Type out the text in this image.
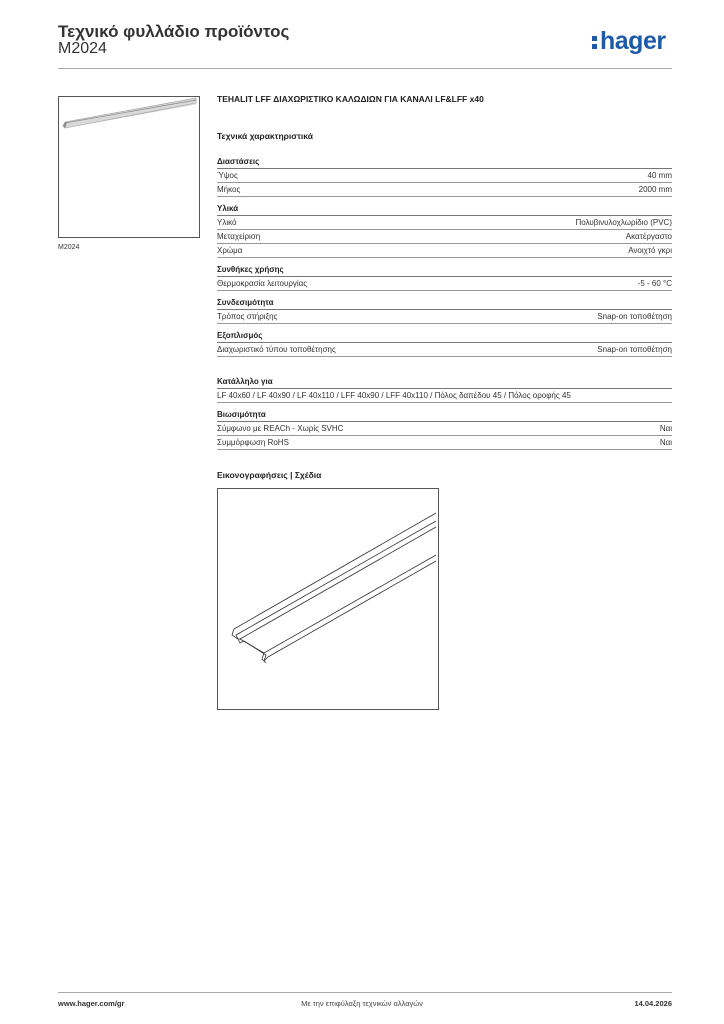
Τεχνικό φυλλάδιο προϊόντος
M2024	hager
M2024
TEHALIT LFF ΔΙΑΧΩΡΙΣΤΙΚΟ ΚΑΛΩΔΙΩΝ ΓΙΑ ΚΑΝΑΛΙ LF&LFF x40
Τεχνικά χαρακτηριστικά
Διαστάσεις
Ύψος	40 mm
Μήκος	2000 mm
Υλικά
Υλικό	Πολυβινυλοχλωρίδιο (PVC)
Μεταχείριση	Ακατέργαστο
Χρώμα	Ανοιχτό γκρι
Συνθήκες χρήσης
Θερμοκρασία λειτουργίας	-5 - 60 °C
Συνδεσιμότητα
Τρόπος στήριξης	Snap-on τοποθέτηση
Εξοπλισμός
Διαχωριστικό τύπου τοποθέτησης	Snap-on τοποθέτηση
Κατάλληλο για
LF 40x60 / LF 40x90 / LF 40x110 / LFF 40x90 / LFF 40x110 / Πόλος δαπέδου 45 / Πόλος οροφής 45
Βιωσιμότητα
Σύμφωνο με REACh - Χωρίς SVHC	Ναι
Συμμόρφωση RoHS	Ναι
Εικονογραφήσεις | Σχέδια
www.hager.com/gr	Με την επιφύλαξη τεχνικών αλλαγών	14.04.2026
